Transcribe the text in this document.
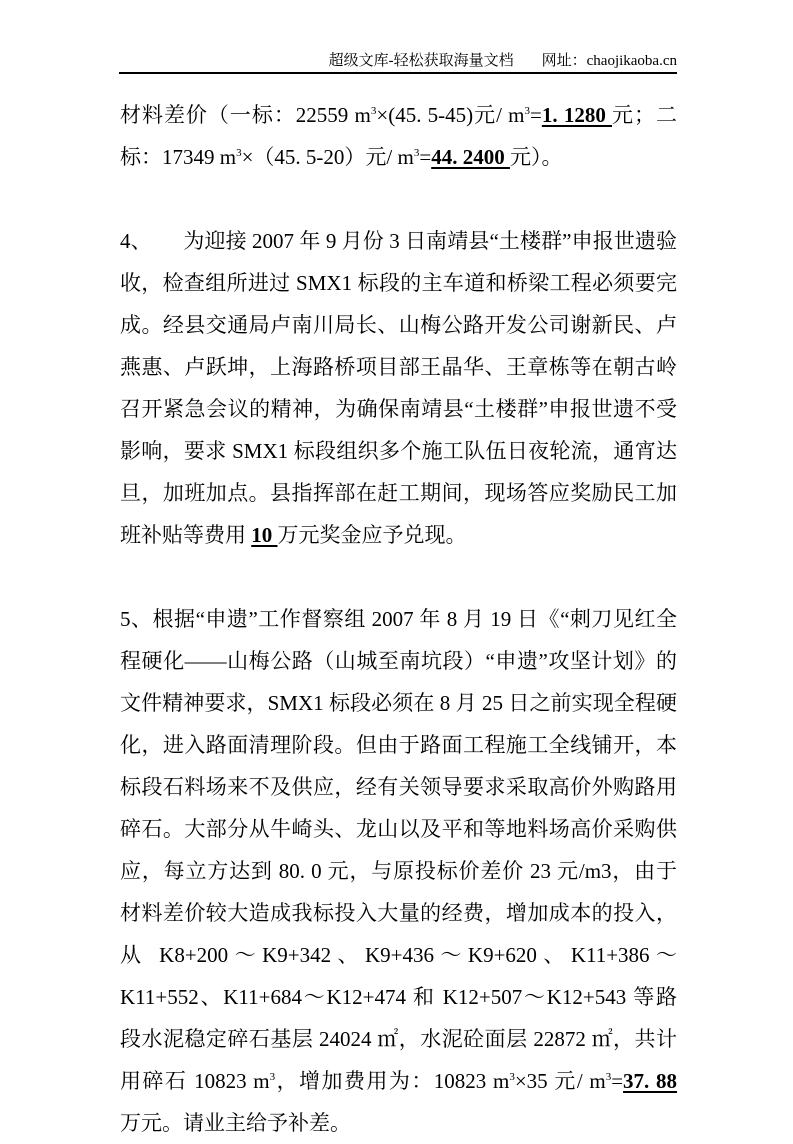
超级文库-轻松获取海量文档 网址：chaojikaoba.cn

材料差价（一标：22559 $m^3\times(45$. 5-45)元/ $m^3=1$. 1280 元；二标：17349 $m^3\times(45$. 5-20）元/ $m^3=44$. 2400 元）。

4、　　为迎接 2007 年 9 月份 3 日南靖县“土楼群”申报世遗验收，检查组所进过 SMX1 标段的主车道和桥梁工程必须要完成。经县交通局卢南川局长、山梅公路开发公司谢新民、卢燕惠、卢跃坤，上海路桥项目部王晶华、王章栋等在朝古岭召开紧急会议的精神，为确保南靖县“土楼群”申报世遗不受影响，要求 SMX1 标段组织多个施工队伍日夜轮流，通宵达旦，加班加点。县指挥部在赶工期间，现场答应奖励民工加班补贴等费用 10 万元奖金应予兑现。

5、根据“申遗”工作督察组 2007 年 8 月 19 日《“刺刀见红全程硬化——山梅公路（山城至南坑段）“申遗”攻坚计划》的文件精神要求，SMX1 标段必须在 8 月 25 日之前实现全程硬化，进入路面清理阶段。但由于路面工程施工全线铺开，本标段石料场来不及供应，经有关领导要求采取高价外购路用碎石。大部分从牛崎头、龙山以及平和等地料场高价采购供应，每立方达到 80. 0 元，与原投标价差价 23 元/m3，由于材料差价较大造成我标投入大量的经费，增加成本的投入，从 K8+200～K9+342、K9+436～K9+620、K11+386～K11+552、K11+684～K12+474 和 K12+507～K12+543 等路段水泥稳定碎石基层 24024 ㎡，水泥砼面层 22872 ㎡，共计用碎石 10823 $m^3$，增加费用为：10823 $m^3\times 35$ 元/ $m^3=37$. 88 万元。请业主给予补差。
